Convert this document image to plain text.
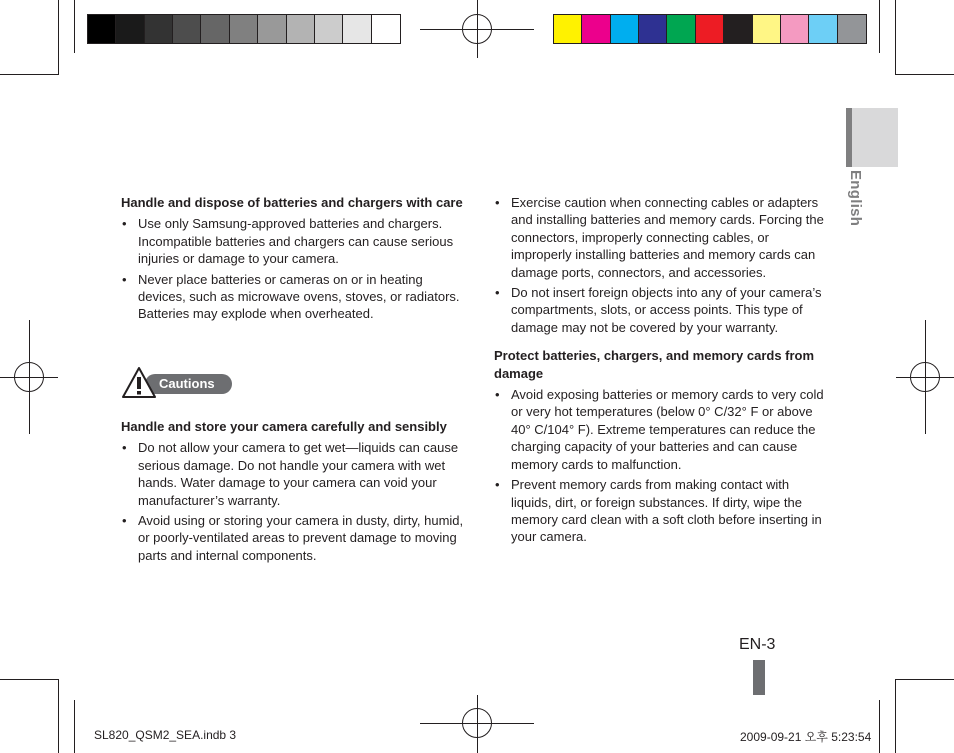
English
Handle and dispose of batteries and chargers with care
• Use only Samsung-approved batteries and chargers. Incompatible batteries and chargers can cause serious injuries or damage to your camera.
• Never place batteries or cameras on or in heating devices, such as microwave ovens, stoves, or radiators. Batteries may explode when overheated.
Cautions
Handle and store your camera carefully and sensibly
• Do not allow your camera to get wet—liquids can cause serious damage. Do not handle your camera with wet hands. Water damage to your camera can void your manufacturer’s warranty.
• Avoid using or storing your camera in dusty, dirty, humid, or poorly-ventilated areas to prevent damage to moving parts and internal components.
• Exercise caution when connecting cables or adapters and installing batteries and memory cards. Forcing the connectors, improperly connecting cables, or improperly installing batteries and memory cards can damage ports, connectors, and accessories.
• Do not insert foreign objects into any of your camera’s compartments, slots, or access points. This type of damage may not be covered by your warranty.
Protect batteries, chargers, and memory cards from damage
• Avoid exposing batteries or memory cards to very cold or very hot temperatures (below 0° C/32° F or above 40° C/104° F). Extreme temperatures can reduce the charging capacity of your batteries and can cause memory cards to malfunction.
• Prevent memory cards from making contact with liquids, dirt, or foreign substances. If dirty, wipe the memory card clean with a soft cloth before inserting in your camera.
EN-3
SL820_QSM2_SEA.indb 3	2009-09-21 오후 5:23:54
